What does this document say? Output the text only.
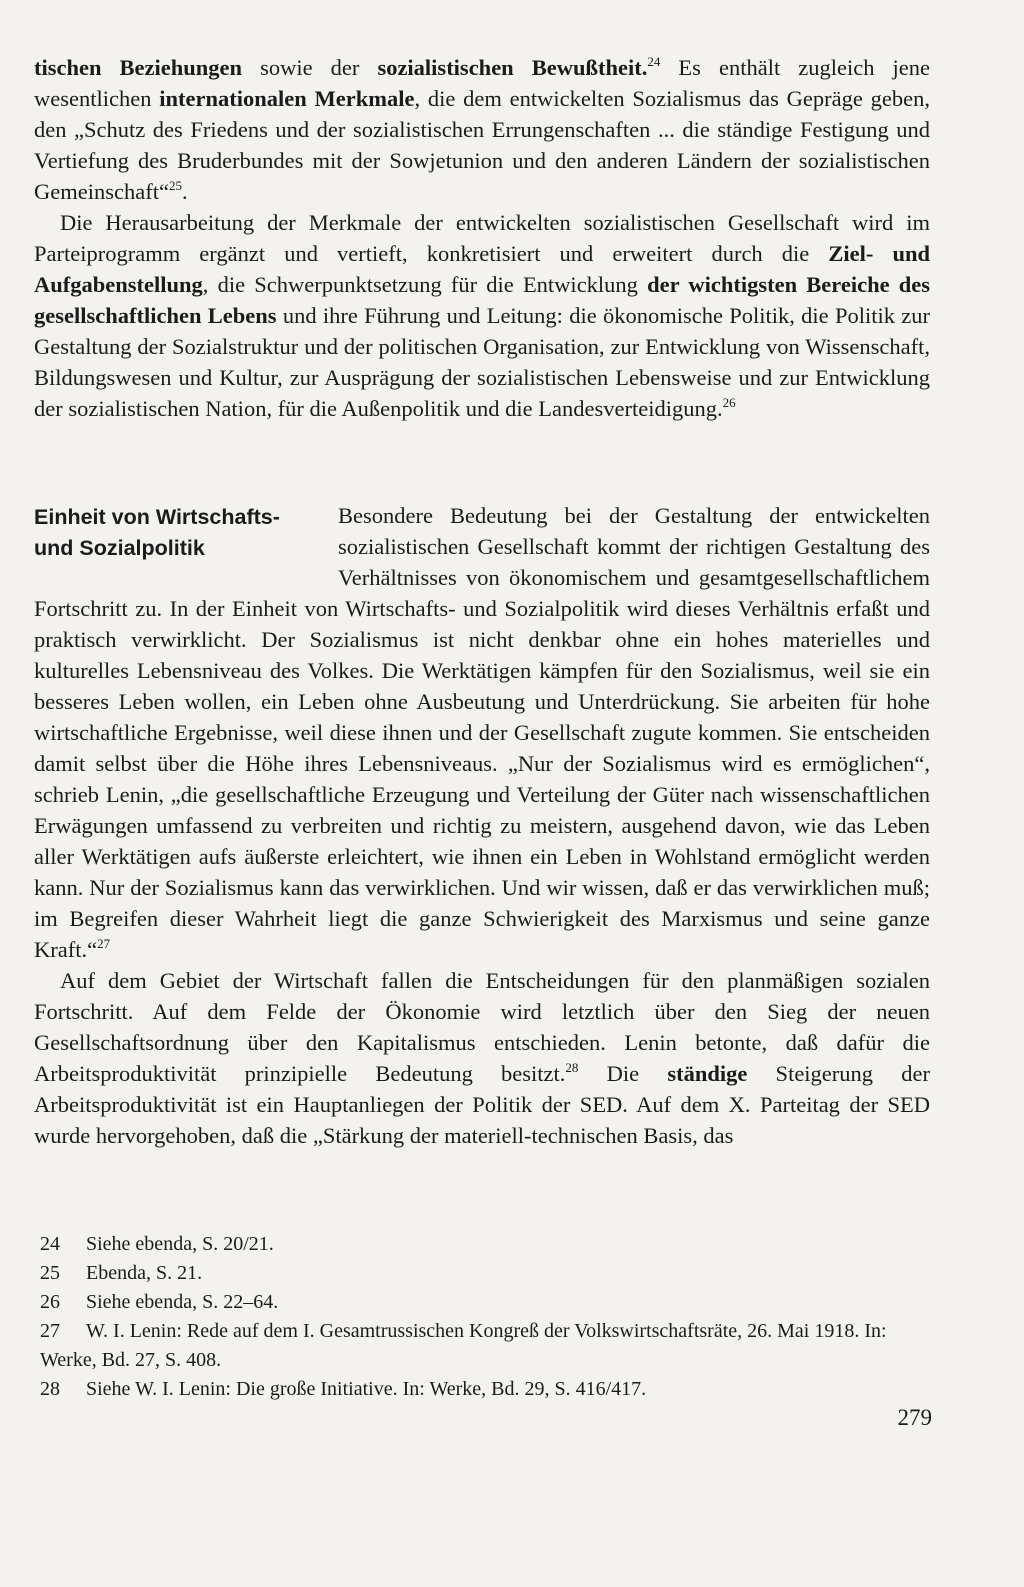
tischen Beziehungen sowie der sozialistischen Bewußtheit.$^{24}$ Es enthält zugleich jene wesentlichen internationalen Merkmale, die dem entwickelten Sozialismus das Gepräge geben, den „Schutz des Friedens und der sozialistischen Errungenschaften ... die ständige Festigung und Vertiefung des Bruderbundes mit der Sowjetunion und den anderen Ländern der sozialistischen Gemeinschaft“$^{25}$.

Die Herausarbeitung der Merkmale der entwickelten sozialistischen Gesellschaft wird im Parteiprogramm ergänzt und vertieft, konkretisiert und erweitert durch die Ziel- und Aufgabenstellung, die Schwerpunktsetzung für die Entwicklung der wichtigsten Bereiche des gesellschaftlichen Lebens und ihre Führung und Leitung: die ökonomische Politik, die Politik zur Gestaltung der Sozialstruktur und der politischen Organisation, zur Entwicklung von Wissenschaft, Bildungswesen und Kultur, zur Ausprägung der sozialistischen Lebensweise und zur Entwicklung der sozialistischen Nation, für die Außenpolitik und die Landesverteidigung.$^{26}$

Einheit von Wirtschafts-
und Sozialpolitik

Besondere Bedeutung bei der Gestaltung der entwickelten sozialistischen Gesellschaft kommt der richtigen Gestaltung des Verhältnisses von ökonomischem und gesamtgesellschaftlichem Fortschritt zu. In der Einheit von Wirtschafts- und Sozialpolitik wird dieses Verhältnis erfaßt und praktisch verwirklicht. Der Sozialismus ist nicht denkbar ohne ein hohes materielles und kulturelles Lebensniveau des Volkes. Die Werktätigen kämpfen für den Sozialismus, weil sie ein besseres Leben wollen, ein Leben ohne Ausbeutung und Unterdrückung. Sie arbeiten für hohe wirtschaftliche Ergebnisse, weil diese ihnen und der Gesellschaft zugute kommen. Sie entscheiden damit selbst über die Höhe ihres Lebensniveaus. „Nur der Sozialismus wird es ermöglichen“, schrieb Lenin, „die gesellschaftliche Erzeugung und Verteilung der Güter nach wissenschaftlichen Erwägungen umfassend zu verbreiten und richtig zu meistern, ausgehend davon, wie das Leben aller Werktätigen aufs äußerste erleichtert, wie ihnen ein Leben in Wohlstand ermöglicht werden kann. Nur der Sozialismus kann das verwirklichen. Und wir wissen, daß er das verwirklichen muß; im Begreifen dieser Wahrheit liegt die ganze Schwierigkeit des Marxismus und seine ganze Kraft.“$^{27}$

Auf dem Gebiet der Wirtschaft fallen die Entscheidungen für den planmäßigen sozialen Fortschritt. Auf dem Felde der Ökonomie wird letztlich über den Sieg der neuen Gesellschaftsordnung über den Kapitalismus entschieden. Lenin betonte, daß dafür die Arbeitsproduktivität prinzipielle Bedeutung besitzt.$^{28}$ Die ständige Steigerung der Arbeitsproduktivität ist ein Hauptanliegen der Politik der SED. Auf dem X. Parteitag der SED wurde hervorgehoben, daß die „Stärkung der materiell-technischen Basis, das

24	Siehe ebenda, S. 20/21.
25	Ebenda, S. 21.
26	Siehe ebenda, S. 22–64.
27 W. I. Lenin: Rede auf dem I. Gesamtrussischen Kongreß der Volkswirtschaftsräte, 26. Mai 1918. In: Werke, Bd. 27, S. 408.
28	Siehe W. I. Lenin: Die große Initiative. In: Werke, Bd. 29, S. 416/417.
279
